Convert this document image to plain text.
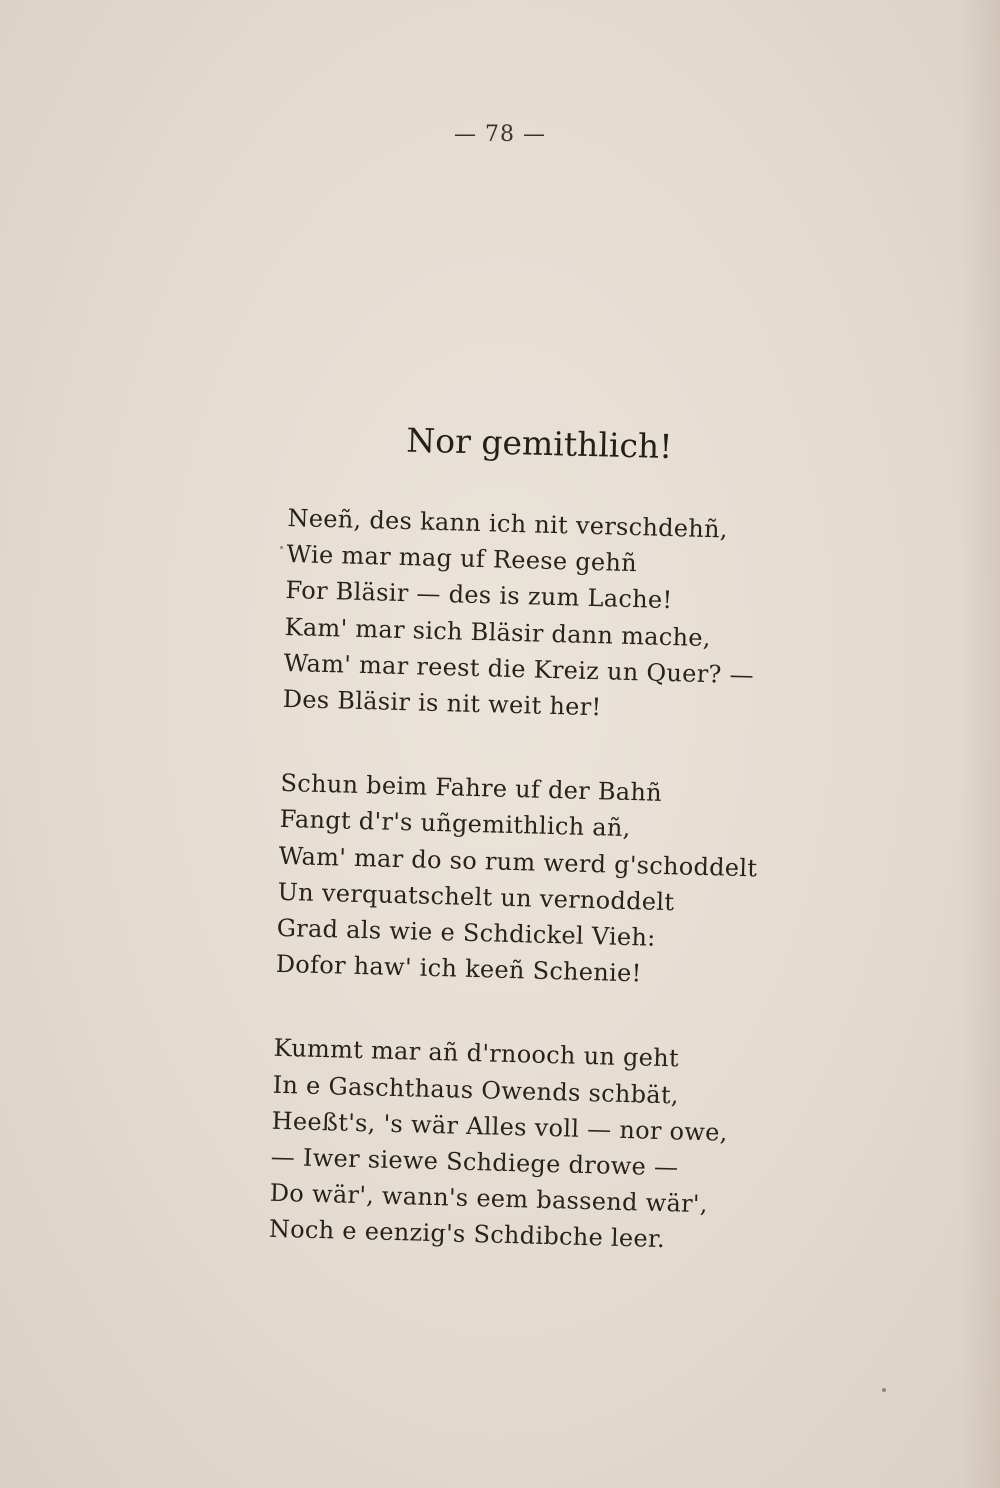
— 78 —
Nor gemithlich!
Neeñ, des kann ich nit verschdehñ,
Wie mar mag uf Reese gehñ
For Bläsir — des is zum Lache!
Kam' mar sich Bläsir dann mache,
Wam' mar reest die Kreiz un Quer? —
Des Bläsir is nit weit her!
Schun beim Fahre uf der Bahñ
Fangt d'r's uñgemithlich añ,
Wam' mar do so rum werd g'schoddelt
Un verquatschelt un vernoddelt
Grad als wie e Schdickel Vieh:
Dofor haw' ich keeñ Schenie!
Kummt mar añ d'rnooch un geht
In e Gaschthaus Owends schbät,
Heeßt's, 's wär Alles voll — nor owe,
— Iwer siewe Schdiege drowe —
Do wär', wann's eem bassend wär',
Noch e eenzig's Schdibche leer.
